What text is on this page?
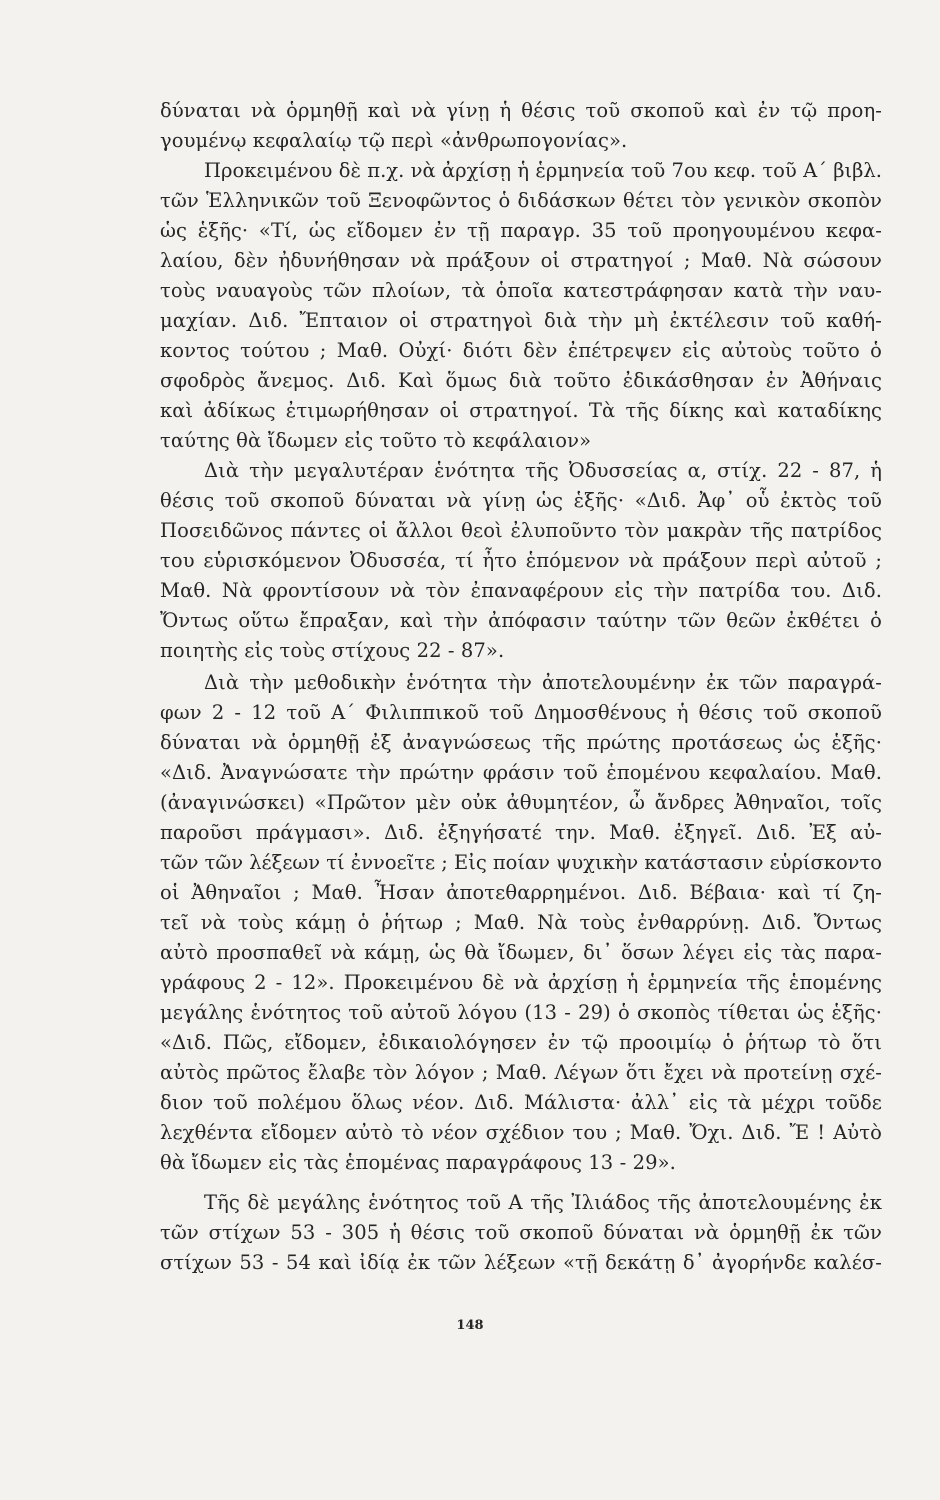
δύναται νὰ ὁρμηθῇ καὶ νὰ γίνῃ ἡ θέσις τοῦ σκοποῦ καὶ ἐν τῷ προη-
γουμένῳ κεφαλαίῳ τῷ περὶ «ἀνθρωπογονίας».
Προκειμένου δὲ π.χ. νὰ ἀρχίσῃ ἡ ἑρμηνεία τοῦ 7ου κεφ. τοῦ Α΄ βιβλ.
τῶν Ἑλληνικῶν τοῦ Ξενοφῶντος ὁ διδάσκων θέτει τὸν γενικὸν σκοπὸν
ὡς ἑξῆς· «Τί, ὡς εἴδομεν ἐν τῇ παραγρ. 35 τοῦ προηγουμένου κεφα-
λαίου, δὲν ἠδυνήθησαν νὰ πράξουν οἱ στρατηγοί ; Μαθ. Νὰ σώσουν
τοὺς ναυαγοὺς τῶν πλοίων, τὰ ὁποῖα κατεστράφησαν κατὰ τὴν ναυ-
μαχίαν. Διδ. Ἔπταιον οἱ στρατηγοὶ διὰ τὴν μὴ ἐκτέλεσιν τοῦ καθή-
κοντος τούτου ; Μαθ. Οὐχί· διότι δὲν ἐπέτρεψεν εἰς αὐτοὺς τοῦτο ὁ
σφοδρὸς ἄνεμος. Διδ. Καὶ ὅμως διὰ τοῦτο ἐδικάσθησαν ἐν Ἀθήναις
καὶ ἀδίκως ἐτιμωρήθησαν οἱ στρατηγοί. Τὰ τῆς δίκης καὶ καταδίκης
ταύτης θὰ ἴδωμεν εἰς τοῦτο τὸ κεφάλαιον»
Διὰ τὴν μεγαλυτέραν ἑνότητα τῆς Ὀδυσσείας α, στίχ. 22 - 87, ἡ
θέσις τοῦ σκοποῦ δύναται νὰ γίνῃ ὡς ἑξῆς· «Διδ. Ἀφ᾽ οὗ ἐκτὸς τοῦ
Ποσειδῶνος πάντες οἱ ἄλλοι θεοὶ ἐλυποῦντο τὸν μακρὰν τῆς πατρίδος
του εὑρισκόμενον Ὀδυσσέα, τί ἦτο ἑπόμενον νὰ πράξουν περὶ αὐτοῦ ;
Μαθ. Νὰ φροντίσουν νὰ τὸν ἐπαναφέρουν εἰς τὴν πατρίδα του. Διδ.
Ὄντως οὕτω ἔπραξαν, καὶ τὴν ἀπόφασιν ταύτην τῶν θεῶν ἐκθέτει ὁ
ποιητὴς εἰς τοὺς στίχους 22 - 87».
Διὰ τὴν μεθοδικὴν ἑνότητα τὴν ἀποτελουμένην ἐκ τῶν παραγρά-
φων 2 - 12 τοῦ Α΄ Φιλιππικοῦ τοῦ Δημοσθένους ἡ θέσις τοῦ σκοποῦ
δύναται νὰ ὁρμηθῇ ἐξ ἀναγνώσεως τῆς πρώτης προτάσεως ὡς ἑξῆς·
«Διδ. Ἀναγνώσατε τὴν πρώτην φράσιν τοῦ ἑπομένου κεφαλαίου. Μαθ.
(ἀναγινώσκει) «Πρῶτον μὲν οὐκ ἀθυμητέον, ὦ ἄνδρες Ἀθηναῖοι, τοῖς
παροῦσι πράγμασι». Διδ. ἐξηγήσατέ την. Μαθ. ἐξηγεῖ. Διδ. Ἐξ αὐ-
τῶν τῶν λέξεων τί ἐννοεῖτε ; Εἰς ποίαν ψυχικὴν κατάστασιν εὑρίσκοντο
οἱ Ἀθηναῖοι ; Μαθ. Ἦσαν ἀποτεθαρρημένοι. Διδ. Βέβαια· καὶ τί ζη-
τεῖ νὰ τοὺς κάμῃ ὁ ῥήτωρ ; Μαθ. Νὰ τοὺς ἐνθαρρύνῃ. Διδ. Ὄντως
αὐτὸ προσπαθεῖ νὰ κάμῃ, ὡς θὰ ἴδωμεν, δι᾽ ὅσων λέγει εἰς τὰς παρα-
γράφους 2 - 12». Προκειμένου δὲ νὰ ἀρχίσῃ ἡ ἑρμηνεία τῆς ἑπομένης
μεγάλης ἑνότητος τοῦ αὐτοῦ λόγου (13 - 29) ὁ σκοπὸς τίθεται ὡς ἑξῆς·
«Διδ. Πῶς, εἴδομεν, ἐδικαιολόγησεν ἐν τῷ προοιμίῳ ὁ ῥήτωρ τὸ ὅτι
αὐτὸς πρῶτος ἔλαβε τὸν λόγον ; Μαθ. Λέγων ὅτι ἔχει νὰ προτείνῃ σχέ-
διον τοῦ πολέμου ὅλως νέον. Διδ. Μάλιστα· ἀλλ᾽ εἰς τὰ μέχρι τοῦδε
λεχθέντα εἴδομεν αὐτὸ τὸ νέον σχέδιον του ; Μαθ. Ὄχι. Διδ. Ἔ ! Αὐτὸ
θὰ ἴδωμεν εἰς τὰς ἑπομένας παραγράφους 13 - 29».
Τῆς δὲ μεγάλης ἑνότητος τοῦ Α τῆς Ἰλιάδος τῆς ἀποτελουμένης ἐκ
τῶν στίχων 53 - 305 ἡ θέσις τοῦ σκοποῦ δύναται νὰ ὁρμηθῇ ἐκ τῶν
στίχων 53 - 54 καὶ ἰδίᾳ ἐκ τῶν λέξεων «τῇ δεκάτῃ δ᾽ ἀγορήνδε καλέσ-
148
